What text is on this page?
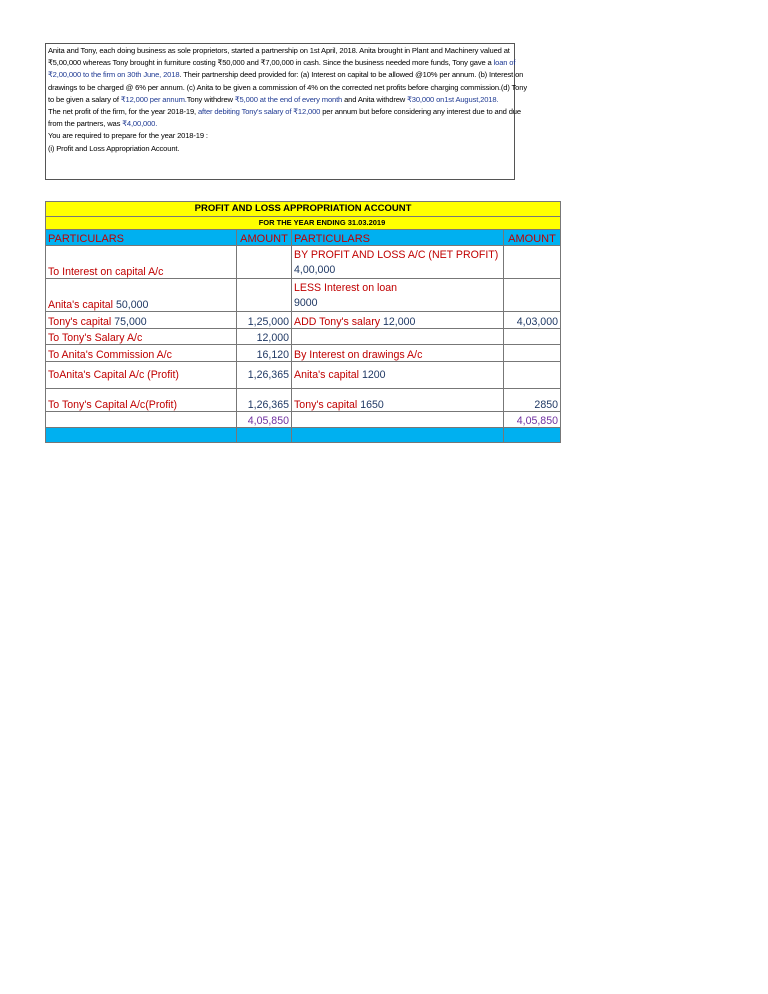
Anita and Tony, each doing business as sole proprietors, started a partnership on 1st April, 2018. Anita brought in Plant and Machinery valued at
₹5,00,000 whereas Tony brought in furniture costing ₹50,000 and ₹7,00,000 in cash. Since the business needed more funds, Tony gave a loan of
₹2,00,000 to the firm on 30th June, 2018. Their partnership deed provided for: (a) Interest on capital to be allowed @10% per annum. (b) Interest on
drawings to be charged @ 6% per annum. (c) Anita to be given a commission of 4% on the corrected net profits before charging commission.(d) Tony
to be given a salary of ₹12,000 per annum.Tony withdrew ₹5,000 at the end of every month and Anita withdrew ₹30,000 on1st August,2018.
The net profit of the firm, for the year 2018-19, after debiting Tony's salary of ₹12,000 per annum but before considering any interest due to and due
from the partners, was ₹4,00,000.
You are required to prepare for the year 2018-19 :
(i) Profit and Loss Appropriation Account.
PROFIT AND LOSS APPROPRIATION ACCOUNT			
FOR THE YEAR ENDING 31.03.2019			
PARTICULARS	AMOUNT	PARTICULARS	AMOUNT
To Interest on capital A/c		BY PROFIT AND LOSS A/C (NET PROFIT)
4,00,000	

Anita's capital 50,000		LESS Interest on loan
9000	

Tony's capital 75,000	1,25,000	ADD Tony's salary 12,000	4,03,000
To Tony's Salary A/c	12,000		
To Anita's Commission A/c	16,120	By Interest on drawings A/c	
ToAnita's Capital A/c (Profit)	1,26,365	Anita's capital 1200	
To Tony's Capital A/c(Profit)	1,26,365	Tony's capital 1650	2850
	4,05,850		4,05,850
